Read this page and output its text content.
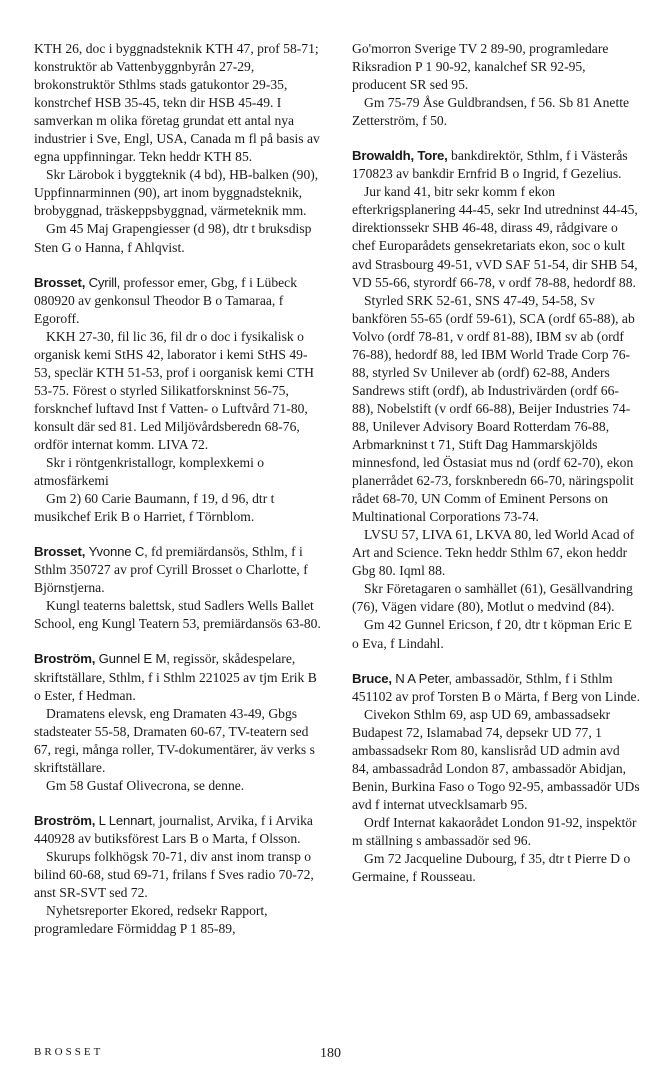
KTH 26, doc i byggnadsteknik KTH 47, prof 58-71; konstruktör ab Vattenbyggnbyrån 27-29, brokonstruktör Sthlms stads gatukontor 29-35, konstrchef HSB 35-45, tekn dir HSB 45-49. I samverkan m olika företag grundat ett antal nya industrier i Sve, Engl, USA, Canada m fl på basis av egna uppfinningar. Tekn heddr KTH 85.

Skr Lärobok i byggteknik (4 bd), HB-balken (90), Uppfinnarminnen (90), art inom byggnadsteknik, brobyggnad, träskeppsbyggnad, värmeteknik mm.

Gm 45 Maj Grapengiesser (d 98), dtr t bruksdisp Sten G o Hanna, f Ahlqvist.

Brosset, Cyrill, professor emer, Gbg, f i Lübeck 080920 av genkonsul Theodor B o Tamaraa, f Egoroff.

KKH 27-30, fil lic 36, fil dr o doc i fysikalisk o organisk kemi StHS 42, laborator i kemi StHS 49-53, speclär KTH 51-53, prof i oorganisk kemi CTH 53-75. Förest o styrled Silikatforskninst 56-75, forsknchef luftavd Inst f Vatten- o Luftvård 71-80, konsult där sed 81. Led Miljövårdsberedn 68-76, ordför internat komm. LIVA 72.

Skr i röntgenkristallogr, komplexkemi o atmosfärkemi

Gm 2) 60 Carie Baumann, f 19, d 96, dtr t musikchef Erik B o Harriet, f Törnblom.

Brosset, Yvonne C, fd premiärdansös, Sthlm, f i Sthlm 350727 av prof Cyrill Brosset o Charlotte, f Björnstjerna.

Kungl teaterns balettsk, stud Sadlers Wells Ballet School, eng Kungl Teatern 53, premiärdansös 63-80.

Broström, Gunnel E M, regissör, skådespelare, skriftställare, Sthlm, f i Sthlm 221025 av tjm Erik B o Ester, f Hedman.

Dramatens elevsk, eng Dramaten 43-49, Gbgs stadsteater 55-58, Dramaten 60-67, TV-teatern sed 67, regi, många roller, TV-dokumentärer, äv verks s skriftställare.

Gm 58 Gustaf Olivecrona, se denne.

Broström, L Lennart, journalist, Arvika, f i Arvika 440928 av butiksförest Lars B o Marta, f Olsson.

Skurups folkhögsk 70-71, div anst inom transp o bilind 60-68, stud 69-71, frilans f Sves radio 70-72, anst SR-SVT sed 72.

Nyhetsreporter Ekored, redsekr Rapport, programledare Förmiddag P 1 85-89,

Go'morron Sverige TV 2 89-90, programledare Riksradion P 1 90-92, kanalchef SR 92-95, producent SR sed 95.

Gm 75-79 Åse Guldbrandsen, f 56. Sb 81 Anette Zetterström, f 50.

Browaldh, Tore, bankdirektör, Sthlm, f i Västerås 170823 av bankdir Ernfrid B o Ingrid, f Gezelius.

Jur kand 41, bitr sekr komm f ekon efterkrigsplanering 44-45, sekr Ind utredninst 44-45, direktionssekr SHB 46-48, dirass 49, rådgivare o chef Europarådets gensekretariats ekon, soc o kult avd Strasbourg 49-51, vVD SAF 51-54, dir SHB 54, VD 55-66, styrordf 66-78, v ordf 78-88, hedordf 88.

Styrled SRK 52-61, SNS 47-49, 54-58, Sv bankfören 55-65 (ordf 59-61), SCA (ordf 65-88), ab Volvo (ordf 78-81, v ordf 81-88), IBM sv ab (ordf 76-88), hedordf 88, led IBM World Trade Corp 76-88, styrled Sv Unilever ab (ordf) 62-88, Anders Sandrews stift (ordf), ab Industrivärden (ordf 66-88), Nobelstift (v ordf 66-88), Beijer Industries 74-88, Unilever Advisory Board Rotterdam 76-88, Arbmarkninst t 71, Stift Dag Hammarskjölds minnesfond, led Östasiat mus nd (ordf 62-70), ekon planerrådet 62-73, forsknberedn 66-70, näringspolit rådet 68-70, UN Comm of Eminent Persons on Multinational Corporations 73-74.

LVSU 57, LIVA 61, LKVA 80, led World Acad of Art and Science. Tekn heddr Sthlm 67, ekon heddr Gbg 80. Iqml 88.

Skr Företagaren o samhället (61), Gesällvandring (76), Vägen vidare (80), Motlut o medvind (84).

Gm 42 Gunnel Ericson, f 20, dtr t köpman Eric E o Eva, f Lindahl.

Bruce, N A Peter, ambassadör, Sthlm, f i Sthlm 451102 av prof Torsten B o Märta, f Berg von Linde.

Civekon Sthlm 69, asp UD 69, ambassadsekr Budapest 72, Islamabad 74, depsekr UD 77, 1 ambassadsekr Rom 80, kanslisråd UD admin avd 84, ambassadråd London 87, ambassadör Abidjan, Benin, Burkina Faso o Togo 92-95, ambassadör UDs avd f internat utvecklsamarb 95.

Ordf Internat kakaorådet London 91-92, inspektör m ställning s ambassadör sed 96.

Gm 72 Jacqueline Dubourg, f 35, dtr t Pierre D o Germaine, f Rousseau.

BROSSET	180
